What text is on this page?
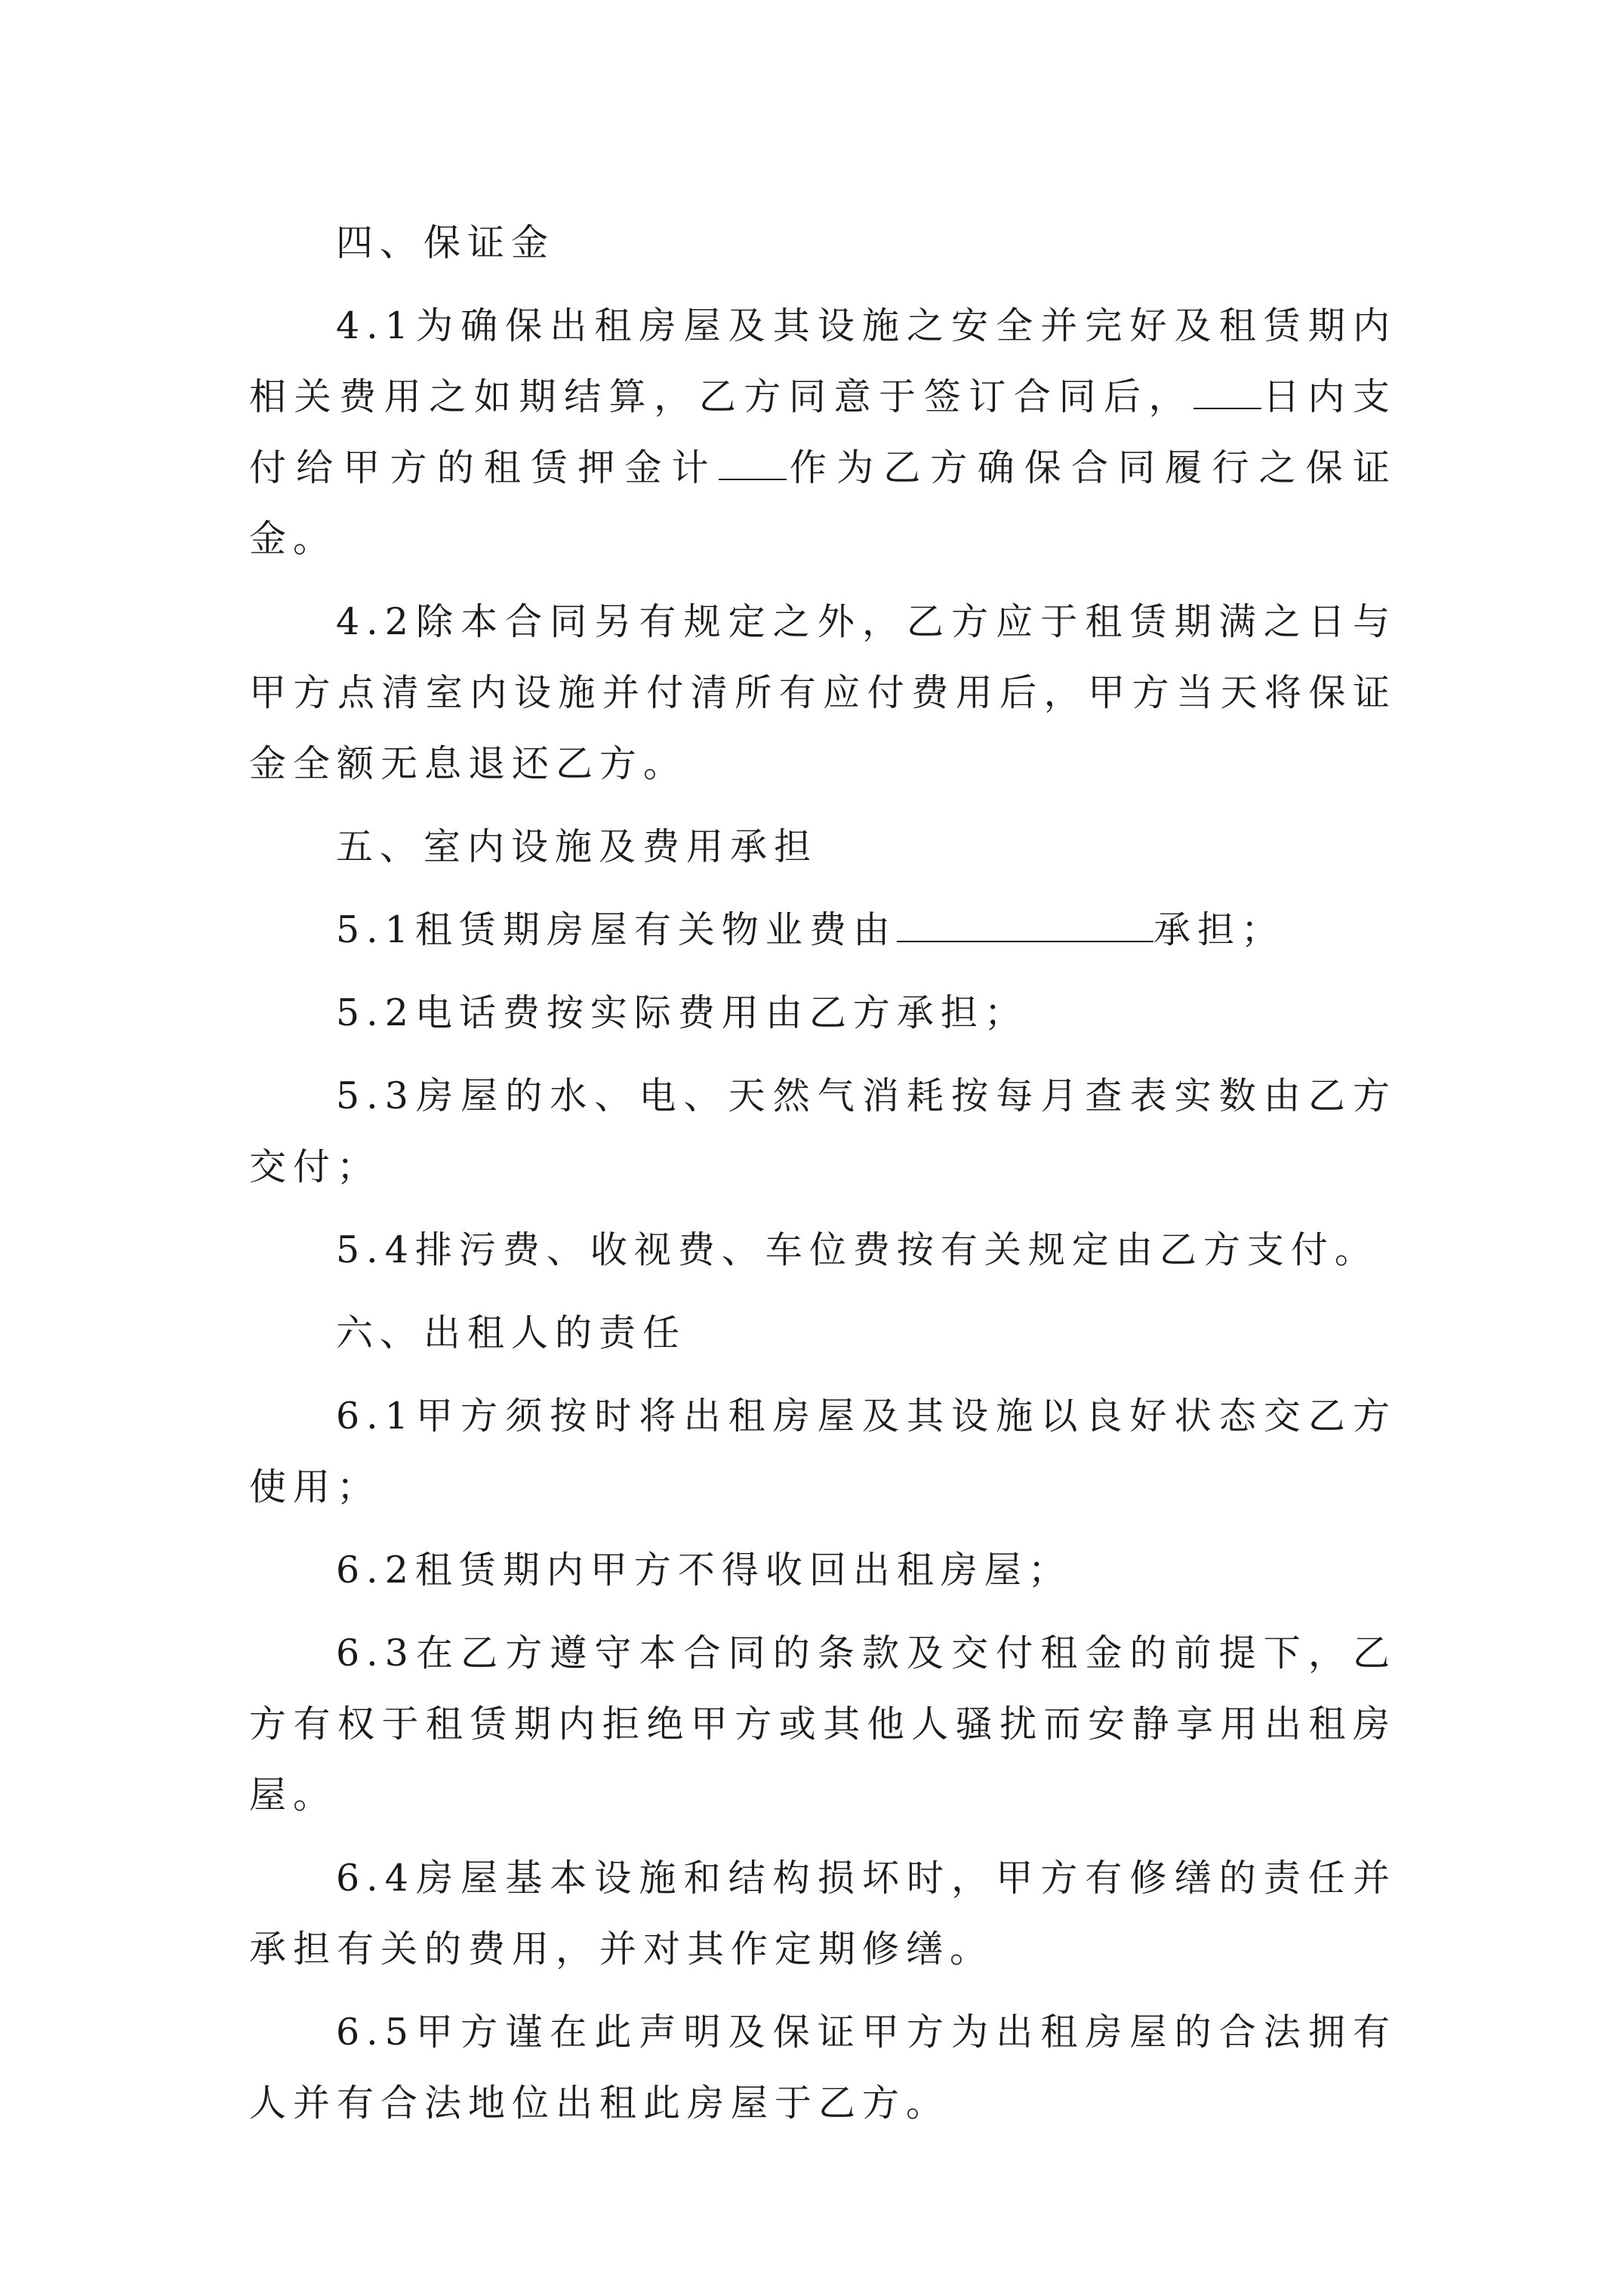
四、保证金
4.1为确保出租房屋及其设施之安全并完好及租赁期内相关费用之如期结算，乙方同意于签订合同后， 日内支付给甲方的租赁押金计 作为乙方确保合同履行之保证金。
4.2除本合同另有规定之外，乙方应于租赁期满之日与甲方点清室内设施并付清所有应付费用后，甲方当天将保证金全额无息退还乙方。
五、室内设施及费用承担
5.1租赁期房屋有关物业费由	承担；
5.2电话费按实际费用由乙方承担；
5.3房屋的水、电、天然气消耗按每月查表实数由乙方交付；
5.4排污费、收视费、车位费按有关规定由乙方支付。
六、出租人的责任
6.1甲方须按时将出租房屋及其设施以良好状态交乙方使用；
6.2租赁期内甲方不得收回出租房屋；
6.3在乙方遵守本合同的条款及交付租金的前提下，乙方有权于租赁期内拒绝甲方或其他人骚扰而安静享用出租房屋。
6.4房屋基本设施和结构损坏时，甲方有修缮的责任并承担有关的费用，并对其作定期修缮。
6.5甲方谨在此声明及保证甲方为出租房屋的合法拥有人并有合法地位出租此房屋于乙方。
